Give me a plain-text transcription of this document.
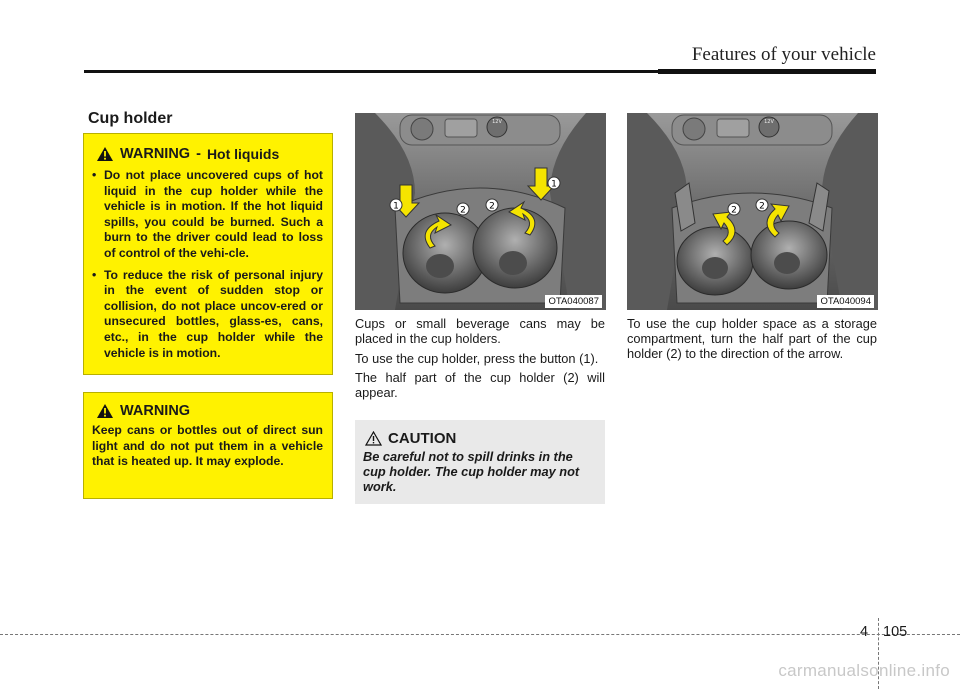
Features of your vehicle
Cup holder
WARNING - Hot liquids
• Do not place uncovered cups of hot liquid in the cup holder while the vehicle is in motion. If the hot liquid spills, you could be burned. Such a burn to the driver could lead to loss of control of the vehi-cle.
• To reduce the risk of personal injury in the event of sudden stop or collision, do not place uncov-ered or unsecured bottles, glass-es, cans, etc., in the cup holder while the vehicle is in motion.
WARNING
Keep cans or bottles out of direct sun light and do not put them in a vehicle that is heated up. It may explode.
12V
1	2	2
1
OTA040087
12V
2 2
OTA040094

Cups or small beverage cans may be placed in the cup holders.

To use the cup holder, press the button (1).

The half part of the cup holder (2) will appear.

CAUTION
Be careful not to spill drinks in the cup holder. The cup holder may not work.

To use the cup holder space as a storage compartment, turn the half part of the cup holder (2) to the direction of the arrow.

4 105
carmanualsonline.info
